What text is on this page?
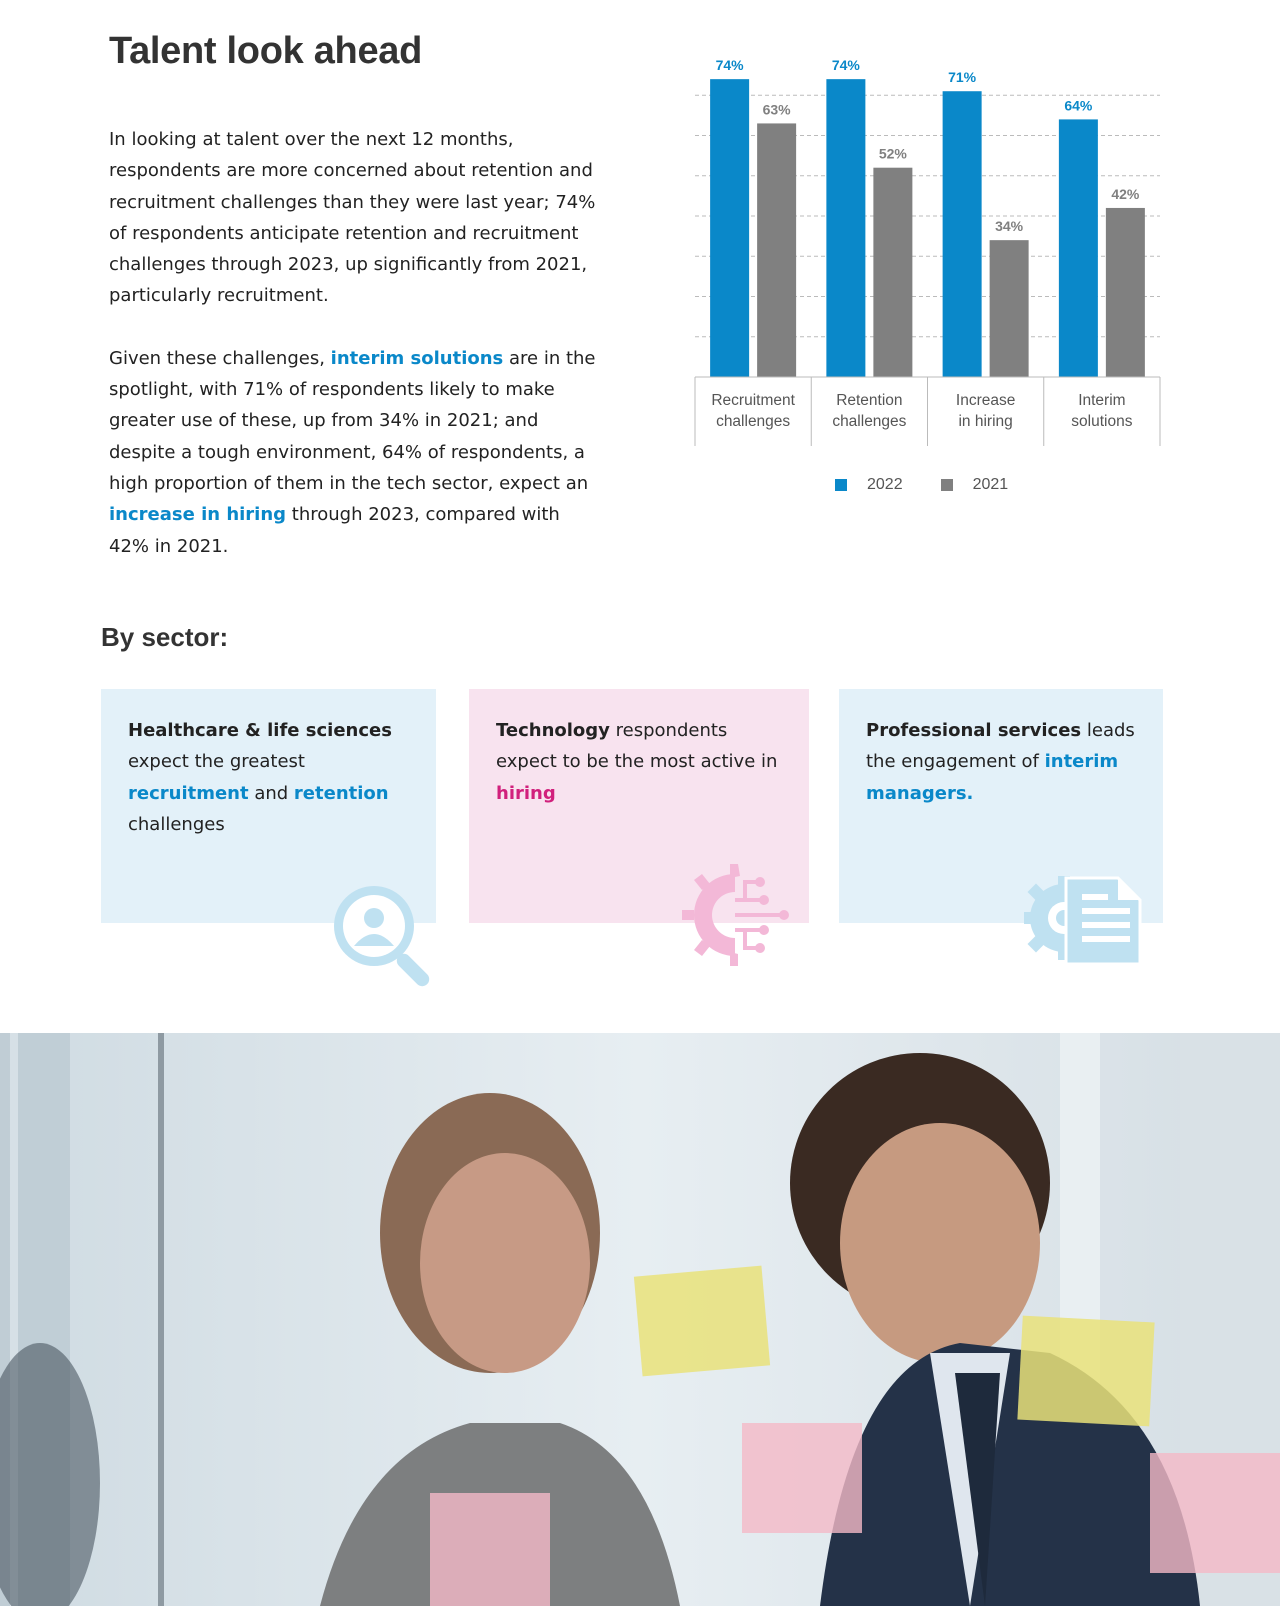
Talent look ahead

In looking at talent over the next 12 months, respondents are more concerned about retention and recruitment challenges than they were last year; 74% of respondents anticipate retention and recruitment challenges through 2023, up significantly from 2021, particularly recruitment.

Given these challenges, interim solutions are in the spotlight, with 71% of respondents likely to make greater use of these, up from 34% in 2021; and despite a tough environment, 64% of respondents, a high proportion of them in the tech sector, expect an increase in hiring through 2023, compared with 42% in 2021.

74%
63%
Recruitment
challenges
74%
52%
Retention
challenges
71%
34%
Increase
in hiring
64%
42%
Interim
solutions
2022	2021
By sector:
Healthcare & life sciences expect the greatest recruitment and retention challenges
Technology respondents expect to be the most active in hiring
Professional services leads the engagement of interim managers.
